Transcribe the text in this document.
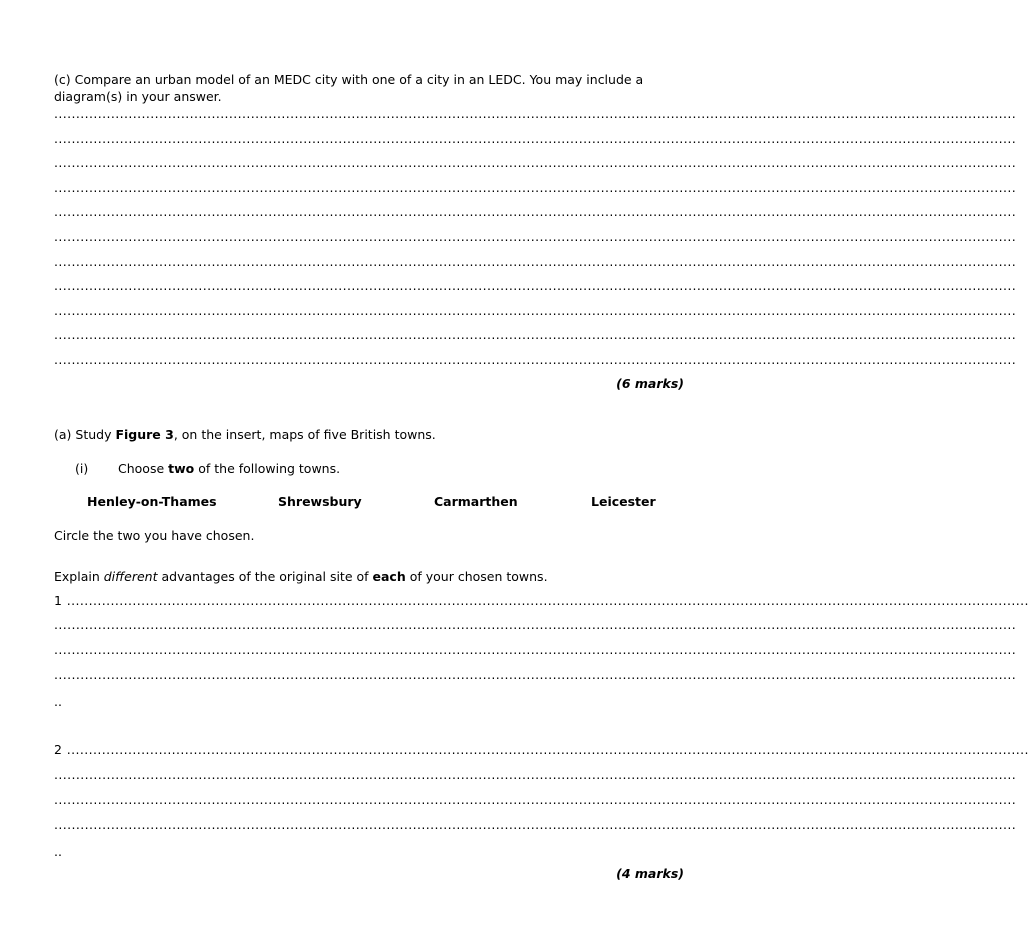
(c) Compare an urban model of an MEDC city with one of a city in an LEDC. You may include a diagram(s) in your answer.
............................................................................................................................................................................................................................
............................................................................................................................................................................................................................
............................................................................................................................................................................................................................
............................................................................................................................................................................................................................
............................................................................................................................................................................................................................
............................................................................................................................................................................................................................
............................................................................................................................................................................................................................
............................................................................................................................................................................................................................
............................................................................................................................................................................................................................
............................................................................................................................................................................................................................
............................................................................................................................................................................................................................
(6 marks)
(a) Study Figure 3, on the insert, maps of five British towns.
(i) Choose two of the following towns.
Henley-on-Thames	Shrewsbury	Carmarthen	Leicester
Circle the two you have chosen.
Explain different advantages of the original site of each of your chosen towns.
1 ............................................................................................................................................................................................................................
............................................................................................................................................................................................................................
............................................................................................................................................................................................................................
............................................................................................................................................................................................................................
..
2 ............................................................................................................................................................................................................................
............................................................................................................................................................................................................................
............................................................................................................................................................................................................................
............................................................................................................................................................................................................................
..
(4 marks)
